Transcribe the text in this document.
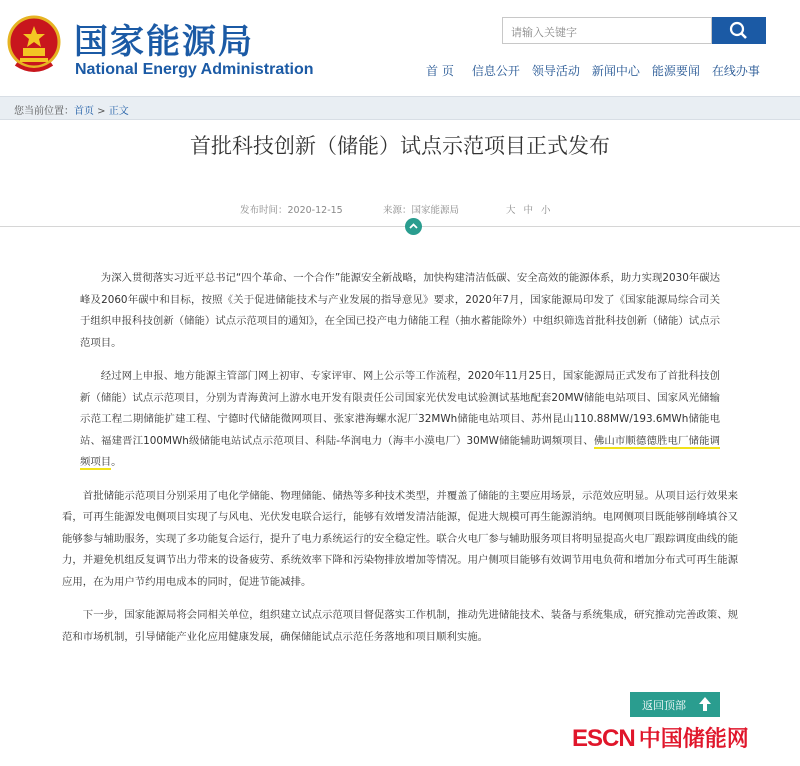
国家能源局
National Energy Administration
请输入关键字
首 页 信息公开 领导活动 新闻中心 能源要闻 在线办事
您当前位置：首页 > 正文
首批科技创新（储能）试点示范项目正式发布
发布时间：2020-12-15	来源：国家能源局	大中小

为深入贯彻落实习近平总书记“四个革命、一个合作”能源安全新战略，加快构建清洁低碳、安全高效的能源体系，助力实现2030年碳达峰及2060年碳中和目标，按照《关于促进储能技术与产业发展的指导意见》要求，2020年7月，国家能源局印发了《国家能源局综合司关于组织申报科技创新（储能）试点示范项目的通知》，在全国已投产电力储能工程（抽水蓄能除外）中组织筛选首批科技创新（储能）试点示范项目。

经过网上申报、地方能源主管部门网上初审、专家评审、网上公示等工作流程，2020年11月25日，国家能源局正式发布了首批科技创新（储能）试点示范项目，分别为青海黄河上游水电开发有限责任公司国家光伏发电试验测试基地配套20MW储能电站项目、国家风光储输示范工程二期储能扩建工程、宁德时代储能微网项目、张家港海螺水泥厂32MWh储能电站项目、苏州昆山110.88MW/193.6MWh储能电站、福建晋江100MWh级储能电站试点示范项目、科陆-华润电力（海丰小漠电厂）30MW储能辅助调频项目、佛山市顺德德胜电厂储能调频项目。

首批储能示范项目分别采用了电化学储能、物理储能、储热等多种技术类型，并覆盖了储能的主要应用场景，示范效应明显。从项目运行效果来看，可再生能源发电侧项目实现了与风电、光伏发电联合运行，能够有效增发清洁能源，促进大规模可再生能源消纳。电网侧项目既能够削峰填谷又能够参与辅助服务，实现了多功能复合运行，提升了电力系统运行的安全稳定性。联合火电厂参与辅助服务项目将明显提高火电厂跟踪调度曲线的能力，并避免机组反复调节出力带来的设备疲劳、系统效率下降和污染物排放增加等情况。用户侧项目能够有效调节用电负荷和增加分布式可再生能源应用，在为用户节约用电成本的同时，促进节能减排。

下一步，国家能源局将会同相关单位，组织建立试点示范项目督促落实工作机制，推动先进储能技术、装备与系统集成，研究推动完善政策、规范和市场机制，引导储能产业化应用健康发展，确保储能试点示范任务落地和项目顺利实施。

返回顶部
ESCN 中国储能网
